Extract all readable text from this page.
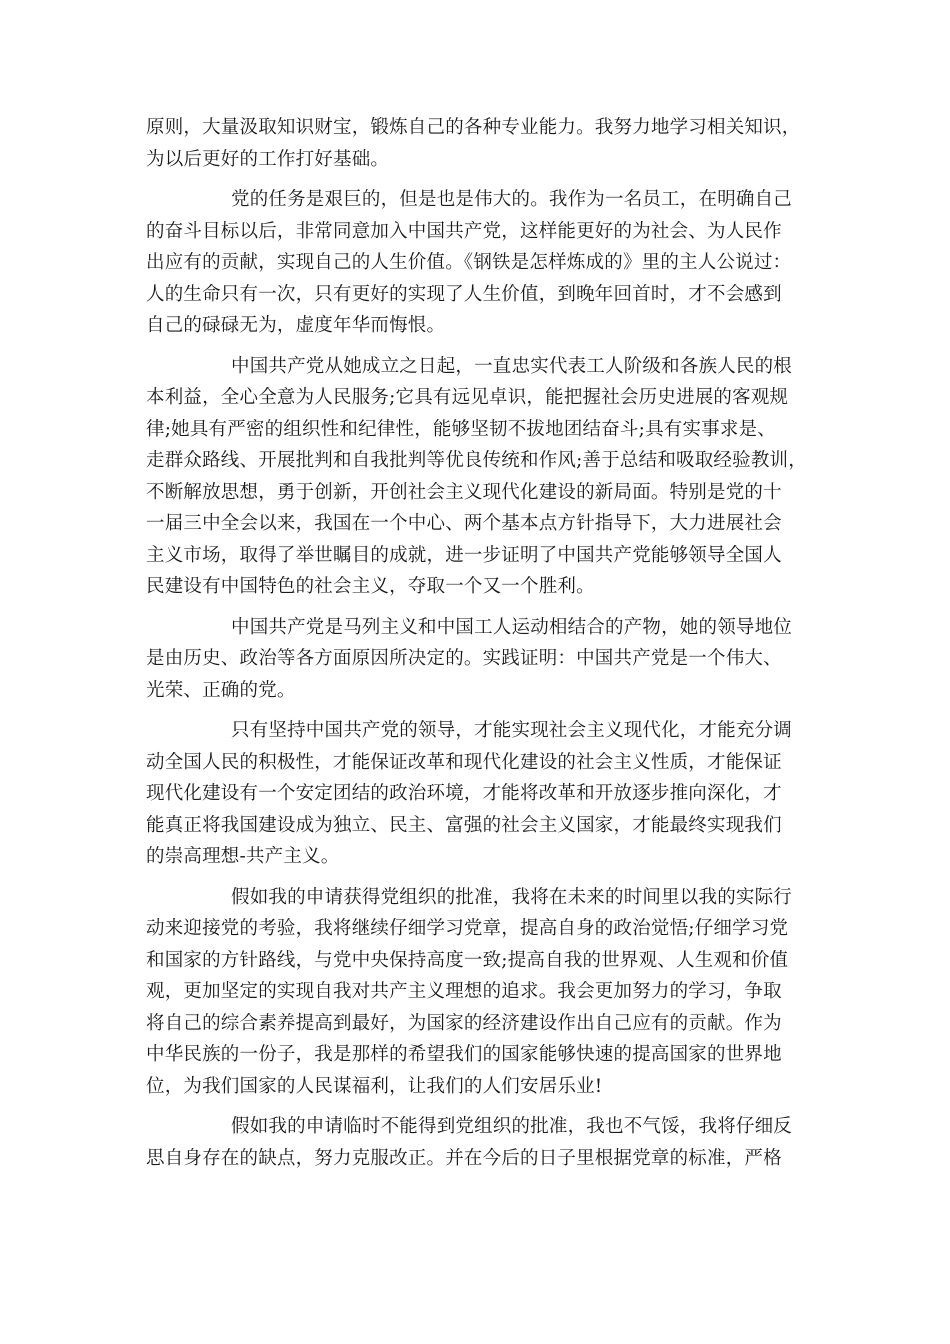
原则，大量汲取知识财宝，锻炼自己的各种专业能力。我努力地学习相关知识，
为以后更好的工作打好基础。
党的任务是艰巨的，但是也是伟大的。我作为一名员工，在明确自己
的奋斗目标以后，非常同意加入中国共产党，这样能更好的为社会、为人民作
出应有的贡献，实现自己的人生价值。《钢铁是怎样炼成的》里的主人公说过：
人的生命只有一次，只有更好的实现了人生价值，到晚年回首时，才不会感到
自己的碌碌无为，虚度年华而悔恨。
中国共产党从她成立之日起，一直忠实代表工人阶级和各族人民的根
本利益，全心全意为人民服务;它具有远见卓识，能把握社会历史进展的客观规
律;她具有严密的组织性和纪律性，能够坚韧不拔地团结奋斗;具有实事求是、
走群众路线、开展批判和自我批判等优良传统和作风;善于总结和吸取经验教训，
不断解放思想，勇于创新，开创社会主义现代化建设的新局面。特别是党的十
一届三中全会以来，我国在一个中心、两个基本点方针指导下，大力进展社会
主义市场，取得了举世瞩目的成就，进一步证明了中国共产党能够领导全国人
民建设有中国特色的社会主义，夺取一个又一个胜利。
中国共产党是马列主义和中国工人运动相结合的产物，她的领导地位
是由历史、政治等各方面原因所决定的。实践证明：中国共产党是一个伟大、
光荣、正确的党。
只有坚持中国共产党的领导，才能实现社会主义现代化，才能充分调
动全国人民的积极性，才能保证改革和现代化建设的社会主义性质，才能保证
现代化建设有一个安定团结的政治环境，才能将改革和开放逐步推向深化，才
能真正将我国建设成为独立、民主、富强的社会主义国家，才能最终实现我们
的崇高理想-共产主义。
假如我的申请获得党组织的批准，我将在未来的时间里以我的实际行
动来迎接党的考验，我将继续仔细学习党章，提高自身的政治觉悟;仔细学习党
和国家的方针路线，与党中央保持高度一致;提高自我的世界观、人生观和价值
观，更加坚定的实现自我对共产主义理想的追求。我会更加努力的学习，争取
将自己的综合素养提高到最好，为国家的经济建设作出自己应有的贡献。作为
中华民族的一份子，我是那样的希望我们的国家能够快速的提高国家的世界地
位，为我们国家的人民谋福利，让我们的人们安居乐业!
假如我的申请临时不能得到党组织的批准，我也不气馁，我将仔细反
思自身存在的缺点，努力克服改正。并在今后的日子里根据党章的标准，严格
